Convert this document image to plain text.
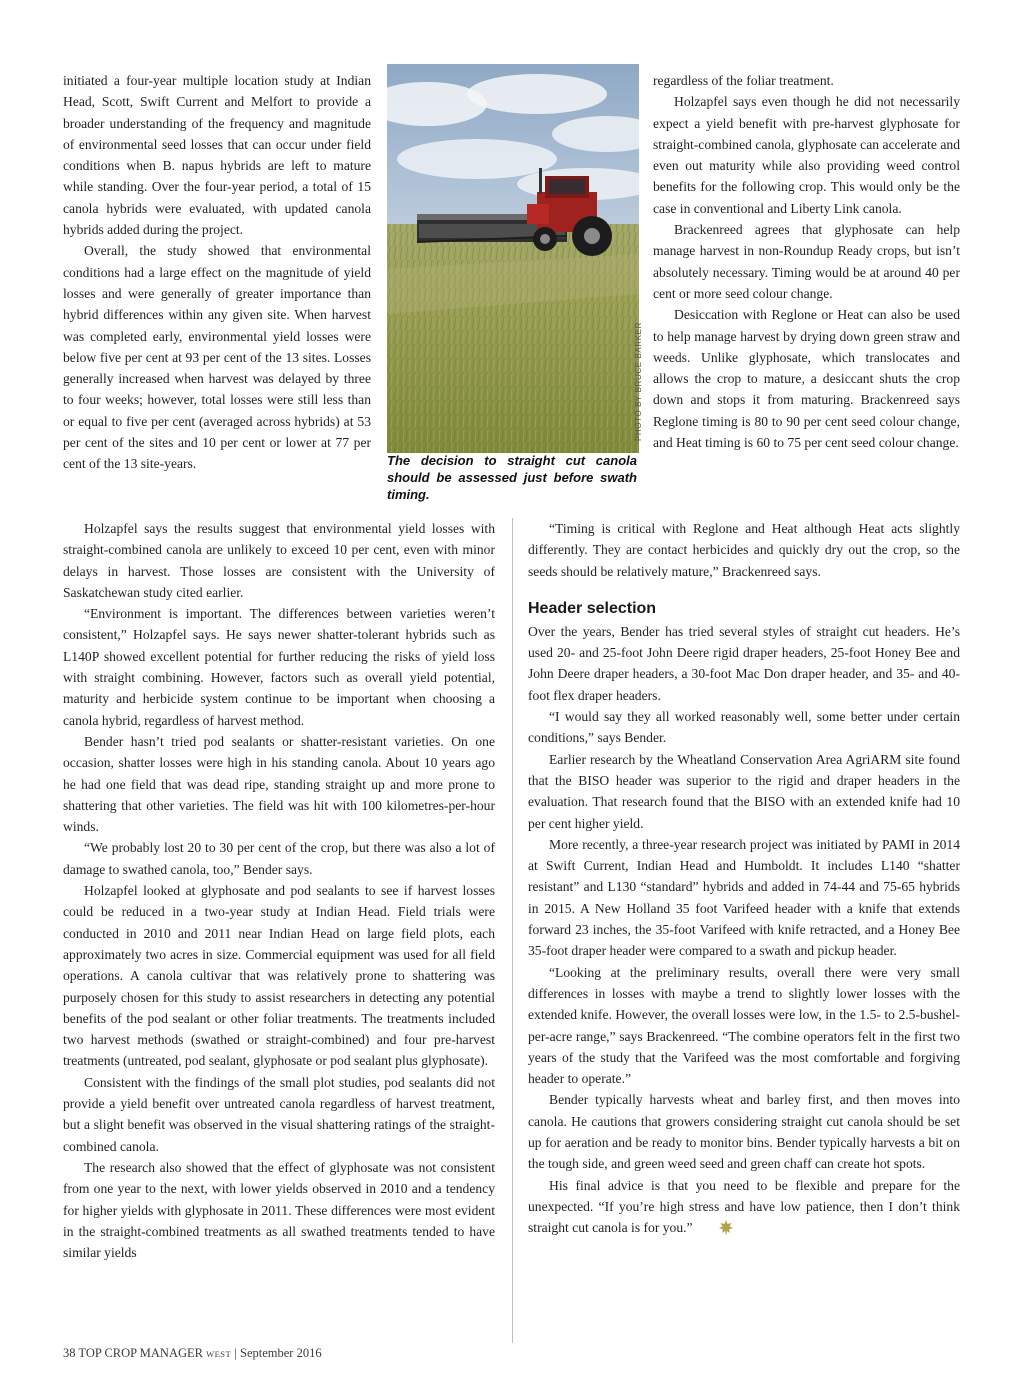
initiated a four-year multiple location study at Indian Head, Scott, Swift Current and Melfort to provide a broader understanding of the frequency and magnitude of environmental seed losses that can occur under field conditions when B. napus hybrids are left to mature while standing. Over the four-year period, a total of 15 canola hybrids were evaluated, with updated canola hybrids added during the project.

Overall, the study showed that environmental conditions had a large effect on the magnitude of yield losses and were generally of greater importance than hybrid differences within any given site. When harvest was completed early, environmental yield losses were below five per cent at 93 per cent of the 13 sites. Losses generally increased when harvest was delayed by three to four weeks; however, total losses were still less than or equal to five per cent (averaged across hybrids) at 53 per cent of the sites and 10 per cent or lower at 77 per cent of the 13 site-years.

PHOTO BY BRUCE BARKER

The decision to straight cut canola should be assessed just before swath timing.

regardless of the foliar treatment.

Holzapfel says even though he did not necessarily expect a yield benefit with pre-harvest glyphosate for straight-combined canola, glyphosate can accelerate and even out maturity while also providing weed control benefits for the following crop. This would only be the case in conventional and Liberty Link canola.

Brackenreed agrees that glyphosate can help manage harvest in non-Roundup Ready crops, but isn’t absolutely necessary. Timing would be at around 40 per cent or more seed colour change.

Desiccation with Reglone or Heat can also be used to help manage harvest by drying down green straw and weeds. Unlike glyphosate, which translocates and allows the crop to mature, a desiccant shuts the crop down and stops it from maturing. Brackenreed says Reglone timing is 80 to 90 per cent seed colour change, and Heat timing is 60 to 75 per cent seed colour change.

Holzapfel says the results suggest that environmental yield losses with straight-combined canola are unlikely to exceed 10 per cent, even with minor delays in harvest. Those losses are consistent with the University of Saskatchewan study cited earlier.

“Environment is important. The differences between varieties weren’t consistent,” Holzapfel says. He says newer shatter-tolerant hybrids such as L140P showed excellent potential for further reducing the risks of yield loss with straight combining. However, factors such as overall yield potential, maturity and herbicide system continue to be important when choosing a canola hybrid, regardless of harvest method.

Bender hasn’t tried pod sealants or shatter-resistant varieties. On one occasion, shatter losses were high in his standing canola. About 10 years ago he had one field that was dead ripe, standing straight up and more prone to shattering that other varieties. The field was hit with 100 kilometres-per-hour winds.

“We probably lost 20 to 30 per cent of the crop, but there was also a lot of damage to swathed canola, too,” Bender says.

Holzapfel looked at glyphosate and pod sealants to see if harvest losses could be reduced in a two-year study at Indian Head. Field trials were conducted in 2010 and 2011 near Indian Head on large field plots, each approximately two acres in size. Commercial equipment was used for all field operations. A canola cultivar that was relatively prone to shattering was purposely chosen for this study to assist researchers in detecting any potential benefits of the pod sealant or other foliar treatments. The treatments included two harvest methods (swathed or straight-combined) and four pre-harvest treatments (untreated, pod sealant, glyphosate or pod sealant plus glyphosate).

Consistent with the findings of the small plot studies, pod sealants did not provide a yield benefit over untreated canola regardless of harvest treatment, but a slight benefit was observed in the visual shattering ratings of the straight-combined canola.

The research also showed that the effect of glyphosate was not consistent from one year to the next, with lower yields observed in 2010 and a tendency for higher yields with glyphosate in 2011. These differences were most evident in the straight-combined treatments as all swathed treatments tended to have similar yields

“Timing is critical with Reglone and Heat although Heat acts slightly differently. They are contact herbicides and quickly dry out the crop, so the seeds should be relatively mature,” Brackenreed says.

Header selection

Over the years, Bender has tried several styles of straight cut headers. He’s used 20- and 25-foot John Deere rigid draper headers, 25-foot Honey Bee and John Deere draper headers, a 30-foot Mac Don draper header, and 35- and 40-foot flex draper headers.

“I would say they all worked reasonably well, some better under certain conditions,” says Bender.

Earlier research by the Wheatland Conservation Area AgriARM site found that the BISO header was superior to the rigid and draper headers in the evaluation. That research found that the BISO with an extended knife had 10 per cent higher yield.

More recently, a three-year research project was initiated by PAMI in 2014 at Swift Current, Indian Head and Humboldt. It includes L140 “shatter resistant” and L130 “standard” hybrids and added in 74-44 and 75-65 hybrids in 2015. A New Holland 35 foot Varifeed header with a knife that extends forward 23 inches, the 35-foot Varifeed with knife retracted, and a Honey Bee 35-foot draper header were compared to a swath and pickup header.

“Looking at the preliminary results, overall there were very small differences in losses with maybe a trend to slightly lower losses with the extended knife. However, the overall losses were low, in the 1.5- to 2.5-bushel-per-acre range,” says Brackenreed. “The combine operators felt in the first two years of the study that the Varifeed was the most comfortable and forgiving header to operate.”

Bender typically harvests wheat and barley first, and then moves into canola. He cautions that growers considering straight cut canola should be set up for aeration and be ready to monitor bins. Bender typically harvests a bit on the tough side, and green weed seed and green chaff can create hot spots.

His final advice is that you need to be flexible and prepare for the unexpected. “If you’re high stress and have low patience, then I don’t think straight cut canola is for you.”

38 TOP CROP MANAGER WEST | September 2016
